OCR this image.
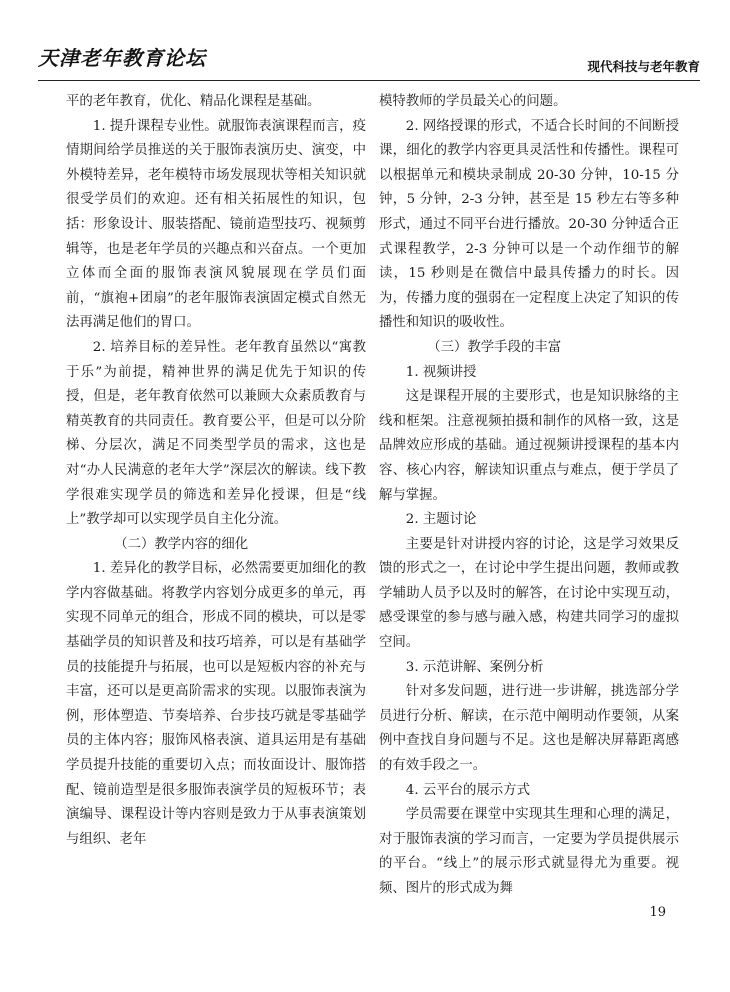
天津老年教育论坛	现代科技与老年教育

平的老年教育，优化、精品化课程是基础。

1. 提升课程专业性。就服饰表演课程而言，疫情期间给学员推送的关于服饰表演历史、演变，中外模特差异，老年模特市场发展现状等相关知识就很受学员们的欢迎。还有相关拓展性的知识，包括：形象设计、服装搭配、镜前造型技巧、视频剪辑等，也是老年学员的兴趣点和兴奋点。一个更加立体而全面的服饰表演风貌展现在学员们面前，“旗袍+团扇”的老年服饰表演固定模式自然无法再满足他们的胃口。

2. 培养目标的差异性。老年教育虽然以“寓教于乐”为前提，精神世界的满足优先于知识的传授，但是，老年教育依然可以兼顾大众素质教育与精英教育的共同责任。教育要公平，但是可以分阶梯、分层次，满足不同类型学员的需求，这也是对“办人民满意的老年大学”深层次的解读。线下教学很难实现学员的筛选和差异化授课，但是“线上”教学却可以实现学员自主化分流。

（二）教学内容的细化

1. 差异化的教学目标，必然需要更加细化的教学内容做基础。将教学内容划分成更多的单元，再实现不同单元的组合，形成不同的模块，可以是零基础学员的知识普及和技巧培养，可以是有基础学员的技能提升与拓展，也可以是短板内容的补充与丰富，还可以是更高阶需求的实现。以服饰表演为例，形体塑造、节奏培养、台步技巧就是零基础学员的主体内容；服饰风格表演、道具运用是有基础学员提升技能的重要切入点；而妆面设计、服饰搭配、镜前造型是很多服饰表演学员的短板环节；表演编导、课程设计等内容则是致力于从事表演策划与组织、老年

模特教师的学员最关心的问题。

2. 网络授课的形式，不适合长时间的不间断授课，细化的教学内容更具灵活性和传播性。课程可以根据单元和模块录制成 20-30 分钟，10-15 分钟，5 分钟，2-3 分钟，甚至是 15 秒左右等多种形式，通过不同平台进行播放。20-30 分钟适合正式课程教学，2-3 分钟可以是一个动作细节的解读，15 秒则是在微信中最具传播力的时长。因为，传播力度的强弱在一定程度上决定了知识的传播性和知识的吸收性。

（三）教学手段的丰富

1. 视频讲授

这是课程开展的主要形式，也是知识脉络的主线和框架。注意视频拍摄和制作的风格一致，这是品牌效应形成的基础。通过视频讲授课程的基本内容、核心内容，解读知识重点与难点，便于学员了解与掌握。

2. 主题讨论

主要是针对讲授内容的讨论，这是学习效果反馈的形式之一，在讨论中学生提出问题，教师或教学辅助人员予以及时的解答，在讨论中实现互动，感受课堂的参与感与融入感，构建共同学习的虚拟空间。

3. 示范讲解、案例分析

针对多发问题，进行进一步讲解，挑选部分学员进行分析、解读，在示范中阐明动作要领，从案例中查找自身问题与不足。这也是解决屏幕距离感的有效手段之一。

4. 云平台的展示方式

学员需要在课堂中实现其生理和心理的满足，对于服饰表演的学习而言，一定要为学员提供展示的平台。“线上”的展示形式就显得尤为重要。视频、图片的形式成为舞

19
